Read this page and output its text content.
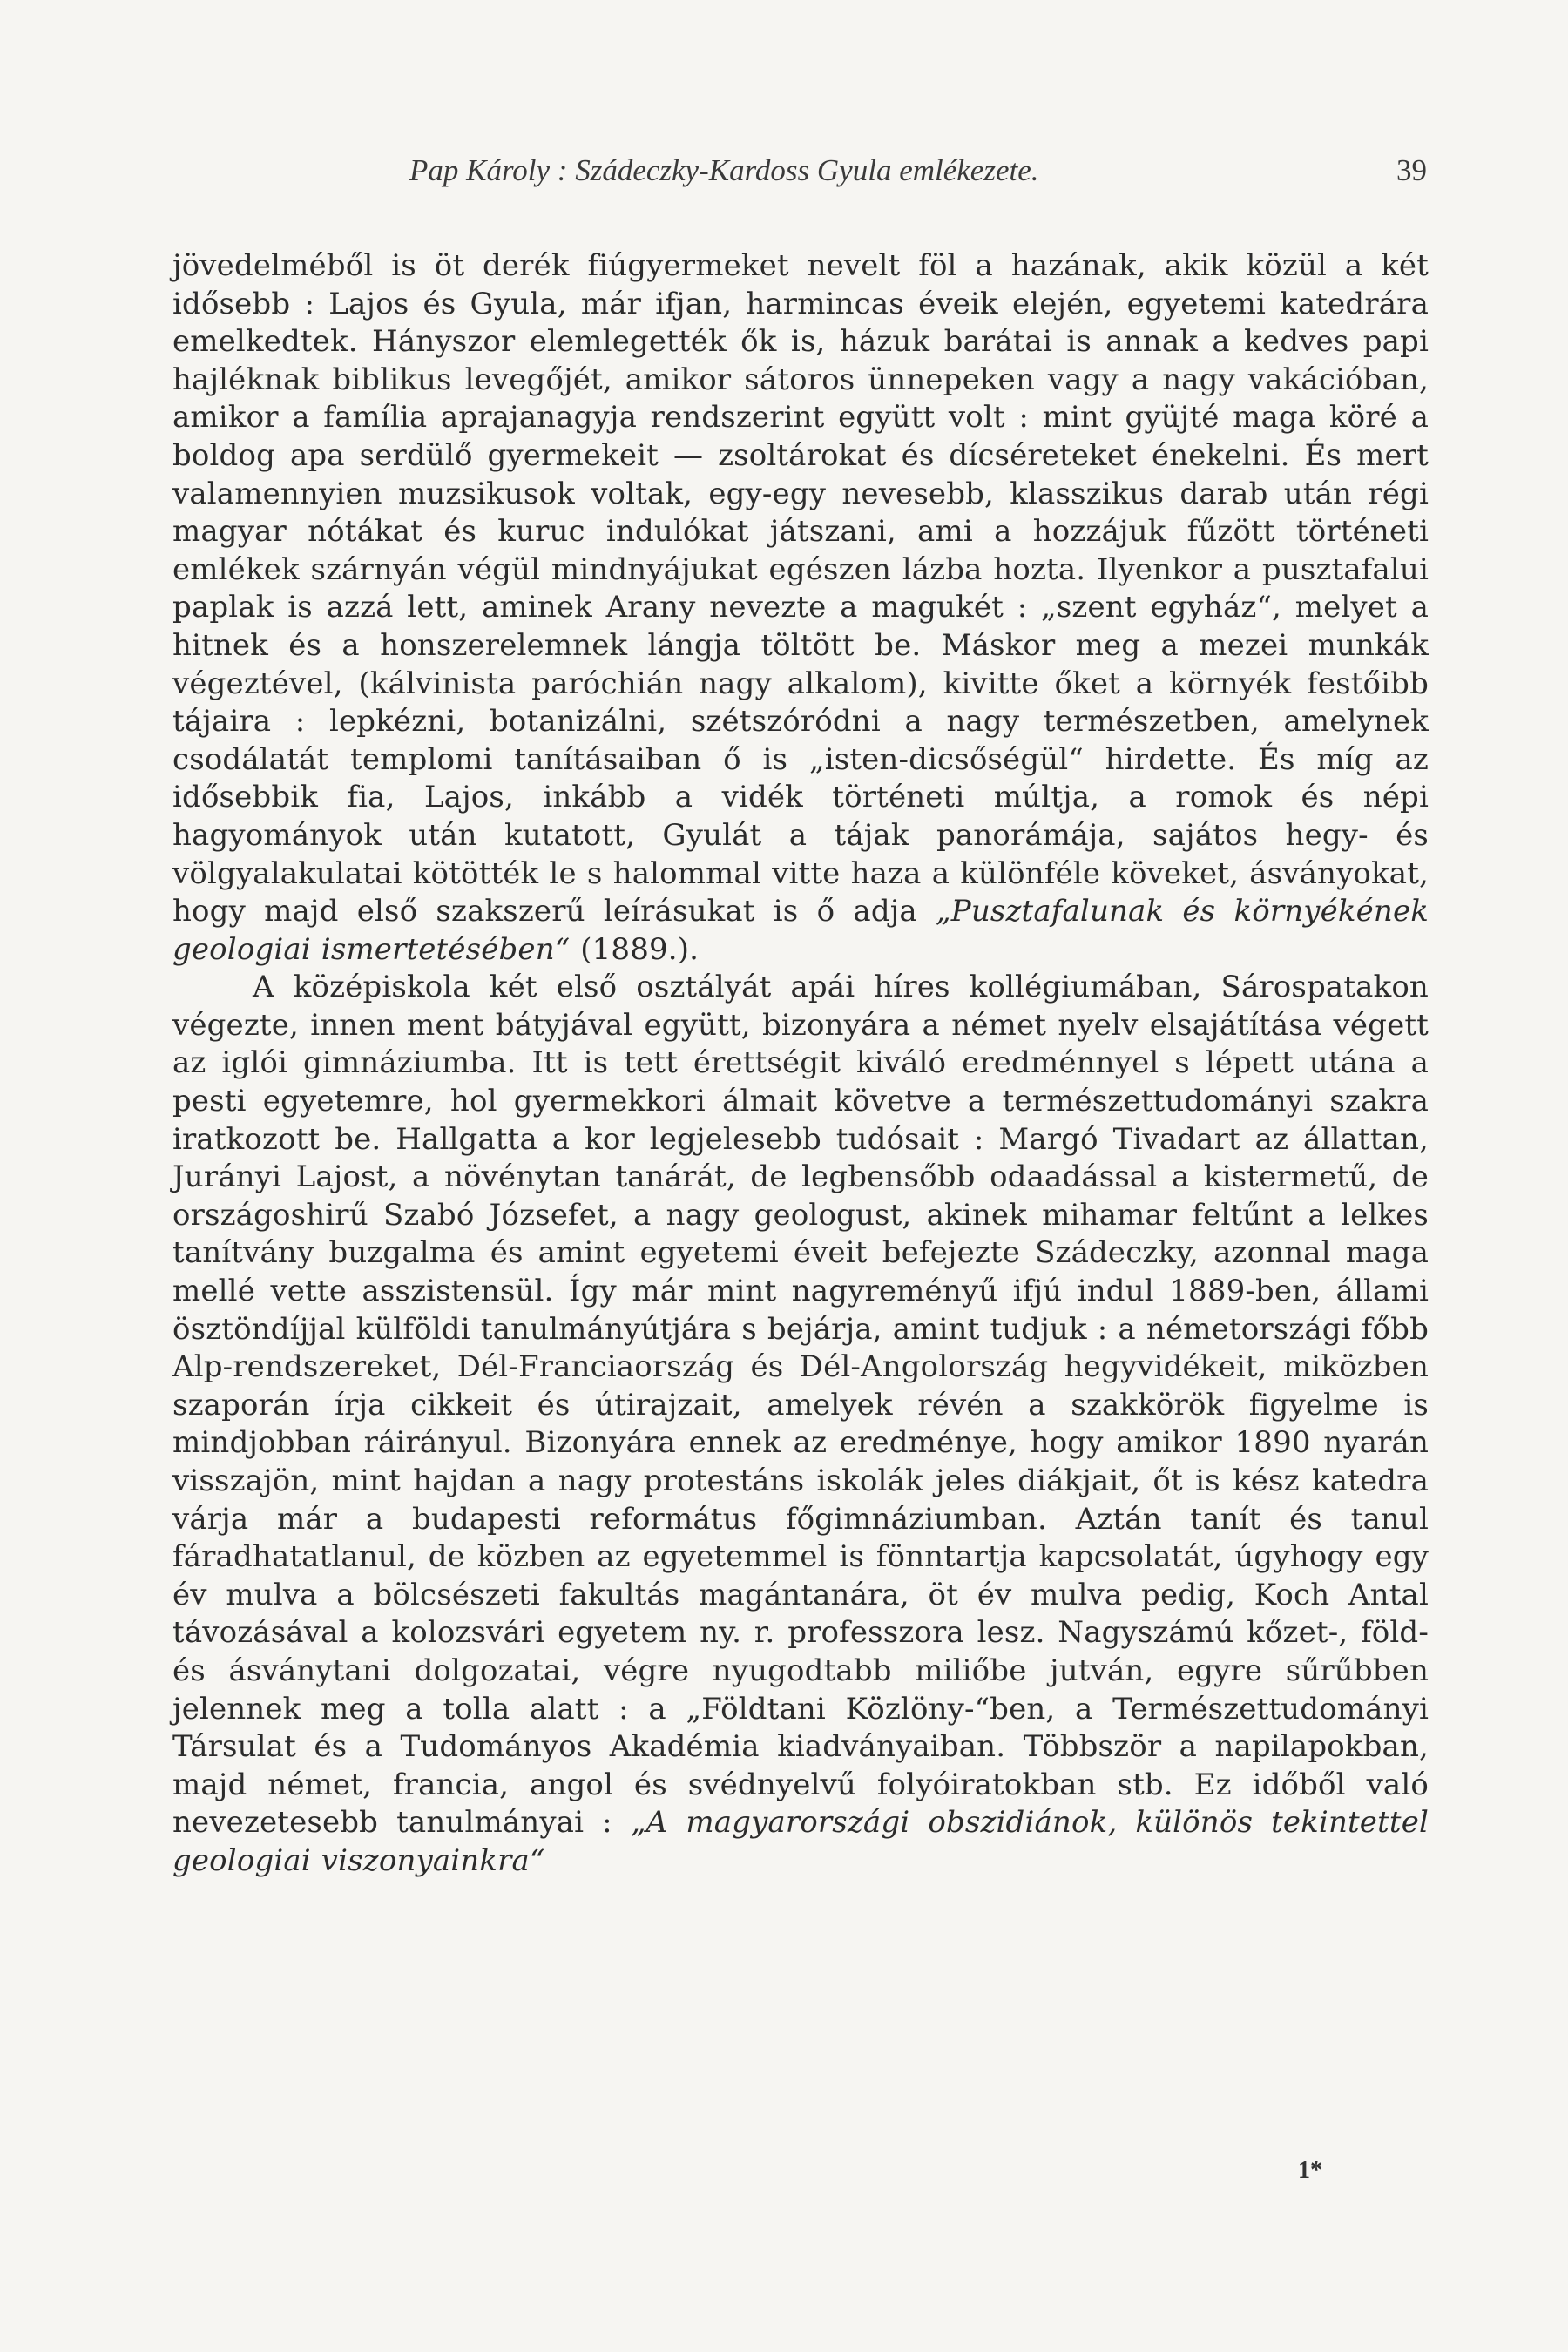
Pap Károly : Szádeczky-Kardoss Gyula emlékezete.	39

jövedelméből is öt derék fiúgyermeket nevelt föl a hazának, akik közül a két idősebb : Lajos és Gyula, már ifjan, harmincas éveik elején, egyetemi katedrára emelkedtek. Hányszor elemlegették ők is, házuk barátai is annak a kedves papi hajléknak biblikus levegőjét, amikor sátoros ünnepeken vagy a nagy vakációban, amikor a família aprajanagyja rendszerint együtt volt : mint gyüjté maga köré a boldog apa serdülő gyermekeit — zsoltárokat és dícséreteket énekelni. És mert valamennyien muzsikusok voltak, egy-egy nevesebb, klasszikus darab után régi magyar nótákat és kuruc indulókat játszani, ami a hozzájuk fűzött történeti emlékek szárnyán végül mindnyájukat egészen lázba hozta. Ilyenkor a pusztafalui paplak is azzá lett, aminek Arany nevezte a magukét : „szent egyház“, melyet a hitnek és a honszerelemnek lángja töltött be. Máskor meg a mezei munkák végeztével, (kálvinista paróchián nagy alkalom), kivitte őket a környék festőibb tájaira : lepkézni, botanizálni, szétszóródni a nagy természetben, amelynek csodálatát templomi tanításaiban ő is „isten-dicsőségül“ hirdette. És míg az idősebbik fia, Lajos, inkább a vidék történeti múltja, a romok és népi hagyományok után kutatott, Gyulát a tájak panorámája, sajátos hegy- és völgyalakulatai kötötték le s halommal vitte haza a különféle köveket, ásványokat, hogy majd első szakszerű leírásukat is ő adja „Pusztafalunak és környékének geologiai ismertetésében“ (1889.).

A középiskola két első osztályát apái híres kollégiumában, Sárospatakon végezte, innen ment bátyjával együtt, bizonyára a német nyelv elsajátítása végett az iglói gimnáziumba. Itt is tett érettségit kiváló eredménnyel s lépett utána a pesti egyetemre, hol gyermekkori álmait követve a természettudományi szakra iratkozott be. Hallgatta a kor legjelesebb tudósait : Margó Tivadart az állattan, Jurányi Lajost, a növénytan tanárát, de legbensőbb odaadással a kistermetű, de országoshirű Szabó Józsefet, a nagy geologust, akinek mihamar feltűnt a lelkes tanítvány buzgalma és amint egyetemi éveit befejezte Szádeczky, azonnal maga mellé vette asszistensül. Így már mint nagyreményű ifjú indul 1889-ben, állami ösztöndíjjal külföldi tanulmányútjára s bejárja, amint tudjuk : a németországi főbb Alp-rendszereket, Dél-Franciaország és Dél-Angolország hegyvidékeit, miközben szaporán írja cikkeit és útirajzait, amelyek révén a szakkörök figyelme is mindjobban ráirányul. Bizonyára ennek az eredménye, hogy amikor 1890 nyarán visszajön, mint hajdan a nagy protestáns iskolák jeles diákjait, őt is kész katedra várja már a budapesti református főgimnáziumban. Aztán tanít és tanul fáradhatatlanul, de közben az egyetemmel is fönntartja kapcsolatát, úgyhogy egy év mulva a bölcsészeti fakultás magántanára, öt év mulva pedig, Koch Antal távozásával a kolozsvári egyetem ny. r. professzora lesz. Nagyszámú kőzet-, föld- és ásványtani dolgozatai, végre nyugodtabb miliőbe jutván, egyre sűrűbben jelennek meg a tolla alatt : a „Földtani Közlöny-“ben, a Természettudományi Társulat és a Tudományos Akadémia kiadványaiban. Többször a napilapokban, majd német, francia, angol és svédnyelvű folyóiratokban stb. Ez időből való nevezetesebb tanulmányai : „A magyarországi obszidiánok, különös tekintettel geologiai viszonyainkra“

1*
